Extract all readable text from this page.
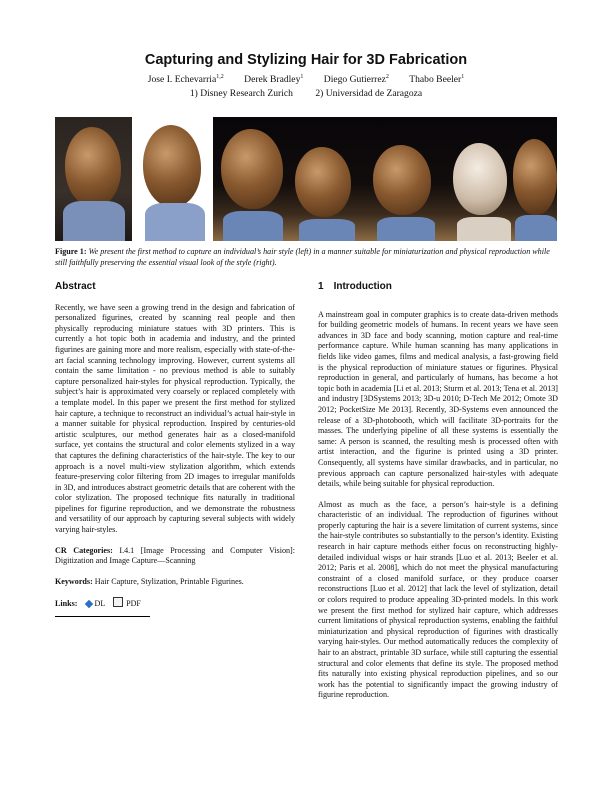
Capturing and Stylizing Hair for 3D Fabrication
Jose I. Echevarria$^{1,2}$ Derek Bradley$^1$ Diego Gutierrez$^2$ Thabo Beeler$^1$
1) Disney Research Zurich 2) Universidad de Zaragoza
Figure 1: We present the first method to capture an individual’s hair style (left) in a manner suitable for miniaturization and physical reproduction while still faithfully preserving the essential visual look of the style (right).
Abstract

Recently, we have seen a growing trend in the design and fabrication of personalized figurines, created by scanning real people and then physically reproducing miniature statues with 3D printers. This is currently a hot topic both in academia and industry, and the printed figurines are gaining more and more realism, especially with state-of-the-art facial scanning technology improving. However, current systems all contain the same limitation - no previous method is able to suitably capture personalized hair-styles for physical reproduction. Typically, the subject’s hair is approximated very coarsely or replaced completely with a template model. In this paper we present the first method for stylized hair capture, a technique to reconstruct an individual’s actual hair-style in a manner suitable for physical reproduction. Inspired by centuries-old artistic sculptures, our method generates hair as a closed-manifold surface, yet contains the structural and color elements stylized in a way that captures the defining characteristics of the hair-style. The key to our approach is a novel multi-view stylization algorithm, which extends feature-preserving color filtering from 2D images to irregular manifolds in 3D, and introduces abstract geometric details that are coherent with the color stylization. The proposed technique fits naturally in traditional pipelines for figurine reproduction, and we demonstrate the robustness and versatility of our approach by capturing several subjects with widely varying hair-styles.

CR Categories: I.4.1 [Image Processing and Computer Vision]: Digitization and Image Capture—Scanning

Keywords: Hair Capture, Stylization, Printable Figurines.

Links: DL	PDF
1 Introduction

A mainstream goal in computer graphics is to create data-driven methods for building geometric models of humans. In recent years we have seen advances in 3D face and body scanning, motion capture and real-time performance capture. While human scanning has many applications in fields like video games, films and medical analysis, a fast-growing field is the physical reproduction of miniature statues or figurines. Physical reproduction in general, and particularly of humans, has become a hot topic both in academia [Li et al. 2013; Sturm et al. 2013; Tena et al. 2013] and industry [3DSystems 2013; 3D-u 2010; D-Tech Me 2012; Omote 3D 2012; PocketSize Me 2013]. Recently, 3D-Systems even announced the release of a 3D-photobooth, which will facilitate 3D-portraits for the masses. The underlying pipeline of all these systems is essentially the same: A person is scanned, the resulting mesh is processed often with artist interaction, and the figurine is printed using a 3D printer. Consequently, all systems have similar drawbacks, and in particular, no previous approach can capture personalized hair-styles with adequate details, while being suitable for physical reproduction.

Almost as much as the face, a person’s hair-style is a defining characteristic of an individual. The reproduction of figurines without properly capturing the hair is a severe limitation of current systems, since the hair-style contributes so substantially to the person’s identity. Existing research in hair capture methods either focus on reconstructing highly-detailed individual wisps or hair strands [Luo et al. 2013; Beeler et al. 2012; Paris et al. 2008], which do not meet the physical manufacturing constraint of a closed manifold surface, or they produce coarser reconstructions [Luo et al. 2012] that lack the level of stylization, detail or colors required to produce appealing 3D-printed models. In this work we present the first method for stylized hair capture, which addresses current limitations of physical reproduction systems, enabling the faithful miniaturization and physical reproduction of figurines with drastically varying hair-styles. Our method automatically reduces the complexity of hair to an abstract, printable 3D surface, while still capturing the essential structural and color elements that define its style. The proposed method fits naturally into existing physical reproduction pipelines, and so our work has the potential to significantly impact the growing industry of figurine reproduction.
